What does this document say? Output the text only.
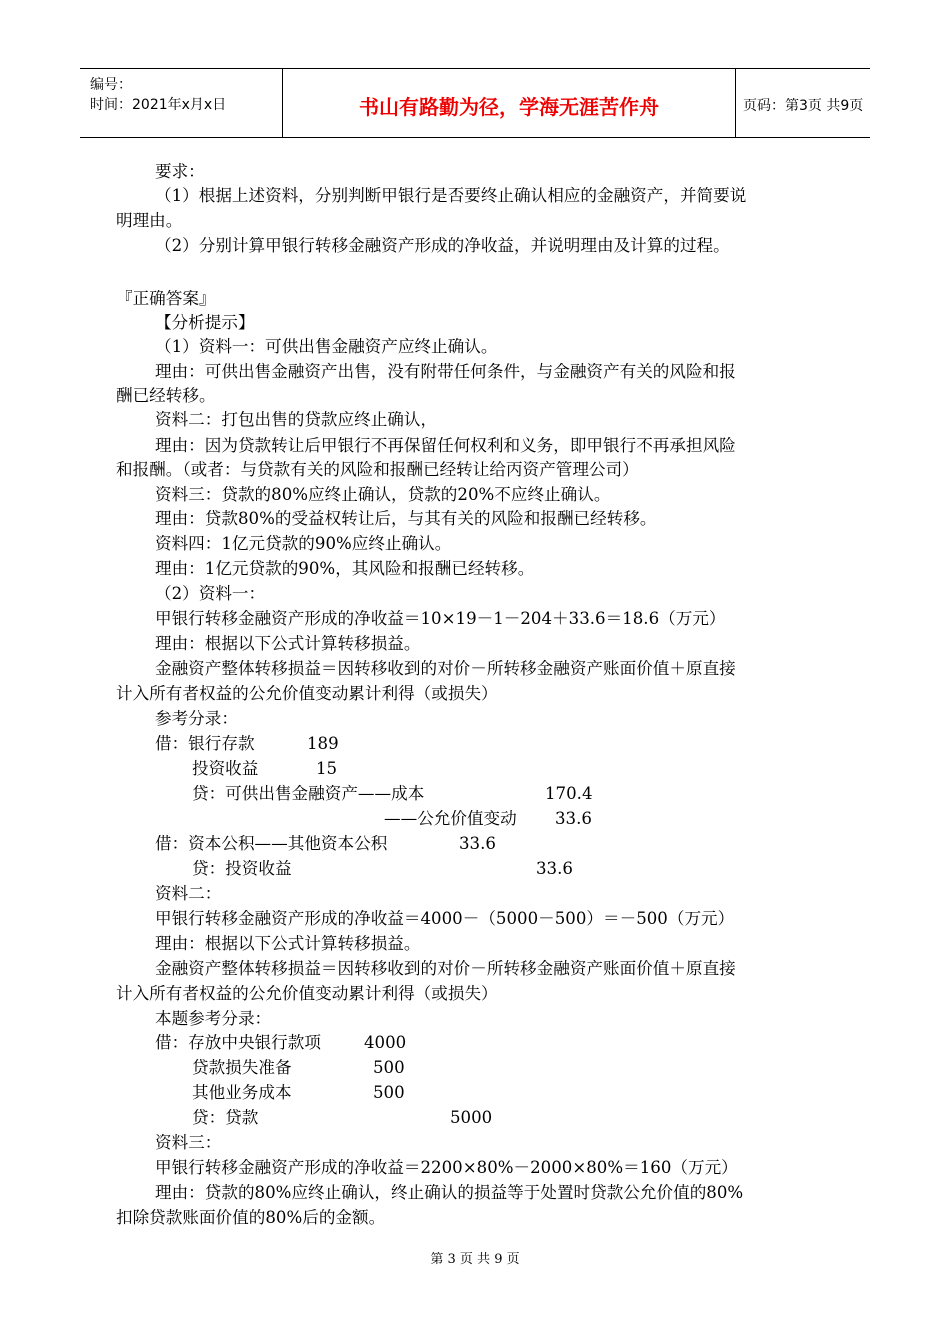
编号：
时间：2021年x月x日	书山有路勤为径，学海无涯苦作舟	页码：第3页 共9页
要求：
（1）根据上述资料，分别判断甲银行是否要终止确认相应的金融资产，并简要说
明理由。
（2）分别计算甲银行转移金融资产形成的净收益，并说明理由及计算的过程。
『正确答案』
【分析提示】
（1）资料一：可供出售金融资产应终止确认。
理由：可供出售金融资产出售，没有附带任何条件，与金融资产有关的风险和报
酬已经转移。
资料二：打包出售的贷款应终止确认，
理由：因为贷款转让后甲银行不再保留任何权利和义务，即甲银行不再承担风险
和报酬。（或者：与贷款有关的风险和报酬已经转让给丙资产管理公司）
资料三：贷款的80%应终止确认，贷款的20%不应终止确认。
理由：贷款80%的受益权转让后，与其有关的风险和报酬已经转移。
资料四：1亿元贷款的90%应终止确认。
理由：1亿元贷款的90%，其风险和报酬已经转移。
（2）资料一：
甲银行转移金融资产形成的净收益＝10×19－1－204＋33.6＝18.6（万元）
理由：根据以下公式计算转移损益。
金融资产整体转移损益＝因转移收到的对价－所转移金融资产账面价值＋原直接
计入所有者权益的公允价值变动累计利得（或损失）
参考分录：
借：银行存款	189
投资收益	15
贷：可供出售金融资产——成本	170.4
——公允价值变动 33.6
借：资本公积——其他资本公积	33.6
贷：投资收益	33.6
资料二：
甲银行转移金融资产形成的净收益＝4000－（5000－500）＝－500（万元）
理由：根据以下公式计算转移损益。
金融资产整体转移损益＝因转移收到的对价－所转移金融资产账面价值＋原直接
计入所有者权益的公允价值变动累计利得（或损失）
本题参考分录：
借：存放中央银行款项	4000
贷款损失准备	500
其他业务成本	500
贷：贷款	5000
资料三：
甲银行转移金融资产形成的净收益＝2200×80%－2000×80%＝160（万元）
理由：贷款的80%应终止确认，终止确认的损益等于处置时贷款公允价值的80%
扣除贷款账面价值的80%后的金额。
第 3 页 共 9 页
